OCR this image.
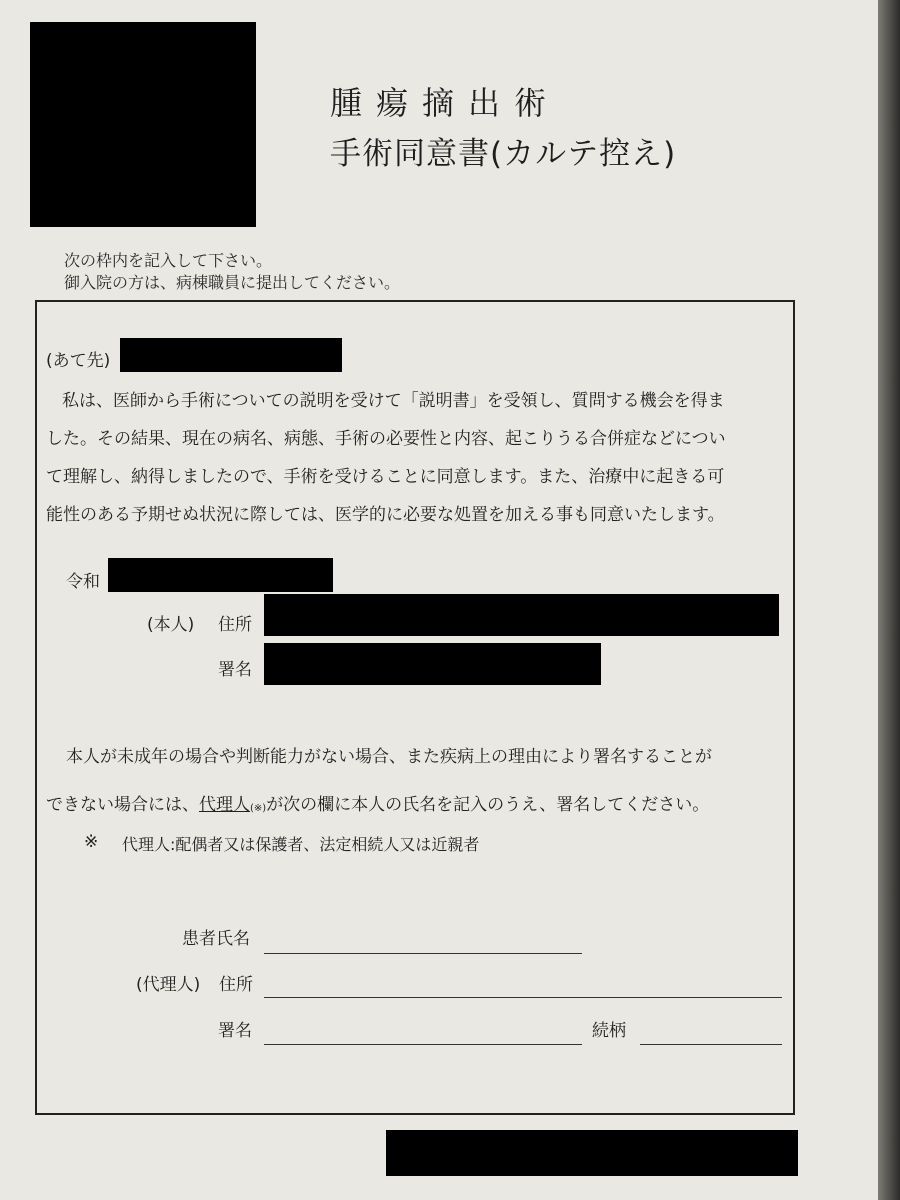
腫瘍摘出術
手術同意書(カルテ控え)
次の枠内を記入して下さい。
御入院の方は、病棟職員に提出してください。
(あて先)
私は、医師から手術についての説明を受けて「説明書」を受領し、質問する機会を得ま
した。その結果、現在の病名、病態、手術の必要性と内容、起こりうる合併症などについ
て理解し、納得しましたので、手術を受けることに同意します。また、治療中に起きる可
能性のある予期せぬ状況に際しては、医学的に必要な処置を加える事も同意いたします。
令和
(本人) 住所
署名
本人が未成年の場合や判断能力がない場合、また疾病上の理由により署名することが
できない場合には、代理人(※)が次の欄に本人の氏名を記入のうえ、署名してください。
※ 代理人:配偶者又は保護者、法定相続人又は近親者
患者氏名
(代理人) 住所
署名	続柄
